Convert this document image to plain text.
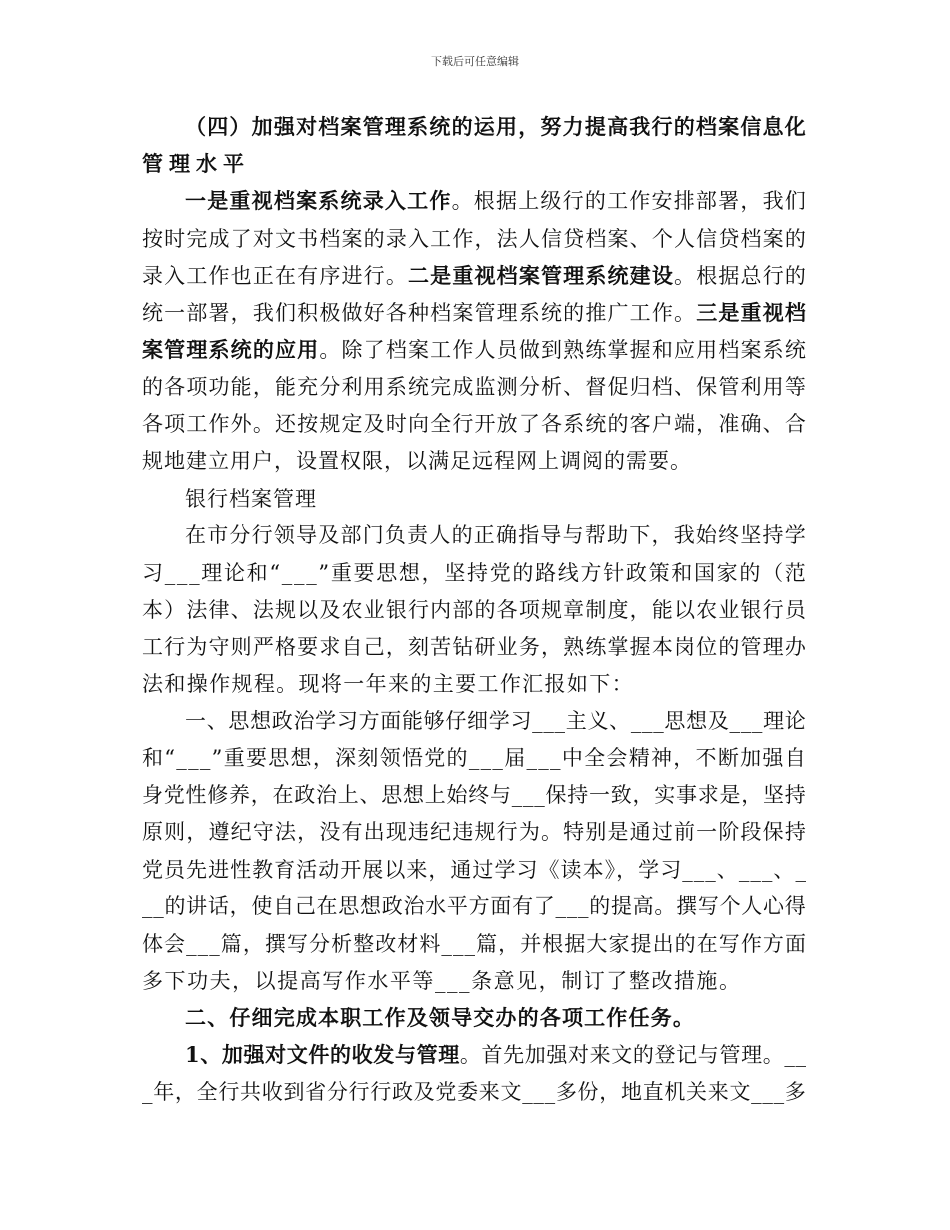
下载后可任意编辑

（四）加强对档案管理系统的运用，努力提高我行的档案信息化

管理水平

一是重视档案系统录入工作。根据上级行的工作安排部署，我们

按时完成了对文书档案的录入工作，法人信贷档案、个人信贷档案的

录入工作也正在有序进行。二是重视档案管理系统建设。根据总行的

统一部署，我们积极做好各种档案管理系统的推广工作。三是重视档

案管理系统的应用。除了档案工作人员做到熟练掌握和应用档案系统

的各项功能，能充分利用系统完成监测分析、督促归档、保管利用等

各项工作外。还按规定及时向全行开放了各系统的客户端，准确、合

规地建立用户，设置权限，以满足远程网上调阅的需要。

银行档案管理

在市分行领导及部门负责人的正确指导与帮助下，我始终坚持学

习___理论和“___”重要思想，坚持党的路线方针政策和国家的（范

本）法律、法规以及农业银行内部的各项规章制度，能以农业银行员

工行为守则严格要求自己，刻苦钻研业务，熟练掌握本岗位的管理办

法和操作规程。现将一年来的主要工作汇报如下：

一、思想政治学习方面能够仔细学习___主义、___思想及___理论

和“___”重要思想，深刻领悟党的___届___中全会精神，不断加强自

身党性修养，在政治上、思想上始终与___保持一致，实事求是，坚持

原则，遵纪守法，没有出现违纪违规行为。特别是通过前一阶段保持

党员先进性教育活动开展以来，通过学习《读本》，学习___、___、_

__的讲话，使自己在思想政治水平方面有了___的提高。撰写个人心得

体会___篇，撰写分析整改材料___篇，并根据大家提出的在写作方面

多下功夫，以提高写作水平等___条意见，制订了整改措施。

二、仔细完成本职工作及领导交办的各项工作任务。

1、加强对文件的收发与管理。首先加强对来文的登记与管理。__

_年，全行共收到省分行行政及党委来文___多份，地直机关来文___多
